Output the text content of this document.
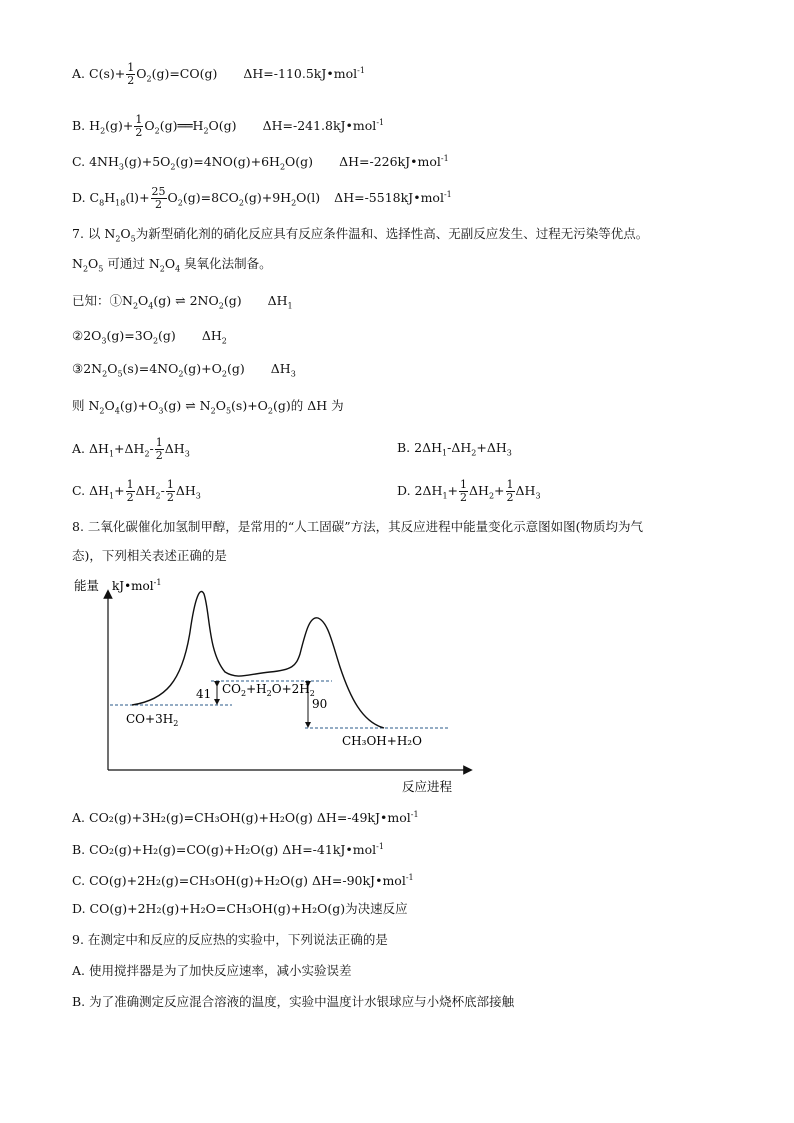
A. $C(s)+ \frac{1}{2} O_2(g)=CO(g)$ ΔH=-110.5kJ•mol$^{-1}$
B. $H_2(g)+ \frac{1}{2}$ $O_2(g)══H_2O(g)$ ΔH=-241.8kJ•mol$^{-1}$
C. $4NH_3(g)+5O_2(g)=4NO(g)+6H_2O(g)$ ΔH=-226kJ•mol$^{-1}$
D. $C_8H_{18}(l)+ \frac{25}{2} O_2(g)=8CO_2(g)+9H_2O(l)$ ΔH=-5518kJ•mol$^{-1}$
7. 以 $N_2O_5$为新型硝化剂的硝化反应具有反应条件温和、选择性高、无副反应发生、过程无污染等优点。
$N_2O_5$ 可通过 $N_2O_4$ 臭氧化法制备。
已知：$①N_2O_4(g)$ ⇌ $2NO_2(g)$ $\Delta H_1$
$②2O_3(g)=3O_2(g)$ $\Delta H_2$
$③2N_2O_5(s)=4NO_2(g)+O_2(g)$ $\Delta H_3$
则 $N_2O_4(g)+O_3(g)$ ⇌ $N_2O_5(s)+O_2(g)$的 ΔH 为
A. $\Delta H_1+\Delta H_2- \frac{1}{2} \Delta H_3$	B. $2\Delta H_1-\Delta H_2+\Delta H_3$
C. $\Delta H_1+ \frac{1}{2} \Delta H_2- \frac{1}{2} \Delta H_3$	D. $2\Delta H_1+ \frac{1}{2} \Delta H_2+ \frac{1}{2} \Delta H_3$
8. 二氧化碳催化加氢制甲醇，是常用的“人工固碳”方法，其反应进程中能量变化示意图如图(物质均为气
态)，下列相关表述正确的是
能量 kJ•mol$^{-1}$
反应进程
41
90
$CO+3H_2$
$CO_2+H_2O+2H_2$
CH₃OH+H₂O
A. CO₂(g)+3H₂(g)=CH₃OH(g)+H₂O(g) ΔH=-49kJ•mol$^{-1}$
B. CO₂(g)+H₂(g)=CO(g)+H₂O(g) ΔH=-41kJ•mol$^{-1}$
C. CO(g)+2H₂(g)=CH₃OH(g)+H₂O(g) ΔH=-90kJ•mol$^{-1}$
D. CO(g)+2H₂(g)+H₂O=CH₃OH(g)+H₂O(g)为决速反应
9. 在测定中和反应的反应热的实验中，下列说法正确的是
A. 使用搅拌器是为了加快反应速率，减小实验误差
B. 为了准确测定反应混合溶液的温度，实验中温度计水银球应与小烧杯底部接触
